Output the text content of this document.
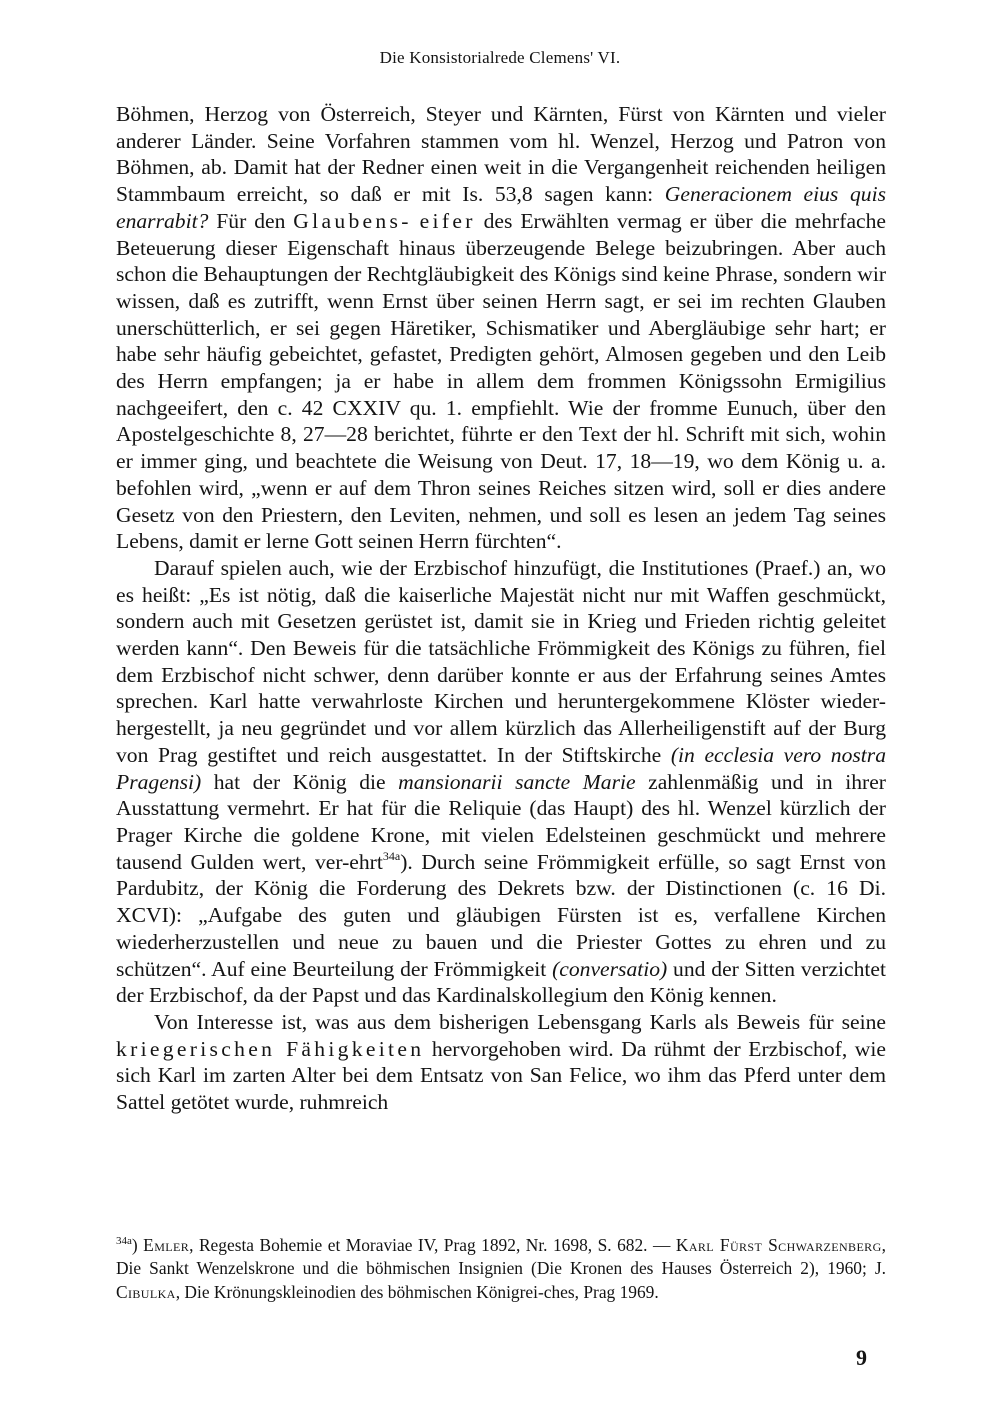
Die Konsistorialrede Clemens' VI.

Böhmen, Herzog von Österreich, Steyer und Kärnten, Fürst von Kärnten und vieler anderer Länder. Seine Vorfahren stammen vom hl. Wenzel, Herzog und Patron von Böhmen, ab. Damit hat der Redner einen weit in die Vergangenheit reichenden heiligen Stammbaum erreicht, so daß er mit Is. 53,8 sagen kann: Generacionem eius quis enarrabit? Für den Glaubens- eifer des Erwählten vermag er über die mehrfache Beteuerung dieser Eigenschaft hinaus überzeugende Belege beizubringen. Aber auch schon die Behauptungen der Rechtgläubigkeit des Königs sind keine Phrase, sondern wir wissen, daß es zutrifft, wenn Ernst über seinen Herrn sagt, er sei im rechten Glauben unerschütterlich, er sei gegen Häretiker, Schismatiker und Abergläubige sehr hart; er habe sehr häufig gebeichtet, gefastet, Predigten gehört, Almosen gegeben und den Leib des Herrn empfangen; ja er habe in allem dem frommen Königssohn Ermigilius nachgeeifert, den c. 42 CXXIV qu. 1. empfiehlt. Wie der fromme Eunuch, über den Apostelgeschichte 8, 27—28 berichtet, führte er den Text der hl. Schrift mit sich, wohin er immer ging, und beachtete die Weisung von Deut. 17, 18—19, wo dem König u. a. befohlen wird, „wenn er auf dem Thron seines Reiches sitzen wird, soll er dies andere Gesetz von den Priestern, den Leviten, nehmen, und soll es lesen an jedem Tag seines Lebens, damit er lerne Gott seinen Herrn fürchten“.

Darauf spielen auch, wie der Erzbischof hinzufügt, die Institutiones (Praef.) an, wo es heißt: „Es ist nötig, daß die kaiserliche Majestät nicht nur mit Waffen geschmückt, sondern auch mit Gesetzen gerüstet ist, damit sie in Krieg und Frieden richtig geleitet werden kann“. Den Beweis für die tatsächliche Frömmigkeit des Königs zu führen, fiel dem Erzbischof nicht schwer, denn darüber konnte er aus der Erfahrung seines Amtes sprechen. Karl hatte verwahrloste Kirchen und heruntergekommene Klöster wieder-hergestellt, ja neu gegründet und vor allem kürzlich das Allerheiligenstift auf der Burg von Prag gestiftet und reich ausgestattet. In der Stiftskirche (in ecclesia vero nostra Pragensi) hat der König die mansionarii sancte Marie zahlenmäßig und in ihrer Ausstattung vermehrt. Er hat für die Reliquie (das Haupt) des hl. Wenzel kürzlich der Prager Kirche die goldene Krone, mit vielen Edelsteinen geschmückt und mehrere tausend Gulden wert, ver-ehrt$^{34a}$). Durch seine Frömmigkeit erfülle, so sagt Ernst von Pardubitz, der König die Forderung des Dekrets bzw. der Distinctionen (c. 16 Di. XCVI): „Aufgabe des guten und gläubigen Fürsten ist es, verfallene Kirchen wiederherzustellen und neue zu bauen und die Priester Gottes zu ehren und zu schützen“. Auf eine Beurteilung der Frömmigkeit (conversatio) und der Sitten verzichtet der Erzbischof, da der Papst und das Kardinalskollegium den König kennen.

Von Interesse ist, was aus dem bisherigen Lebensgang Karls als Beweis für seine kriegerischen Fähigkeiten hervorgehoben wird. Da rühmt der Erzbischof, wie sich Karl im zarten Alter bei dem Entsatz von San Felice, wo ihm das Pferd unter dem Sattel getötet wurde, ruhmreich

$^{34a}$) Emler, Regesta Bohemie et Moraviae IV, Prag 1892, Nr. 1698, S. 682. — Karl Fürst Schwarzenberg, Die Sankt Wenzelskrone und die böhmischen Insignien (Die Kronen des Hauses Österreich 2), 1960; J. Cibulka, Die Krönungskleinodien des böhmischen Königrei-ches, Prag 1969.

9
